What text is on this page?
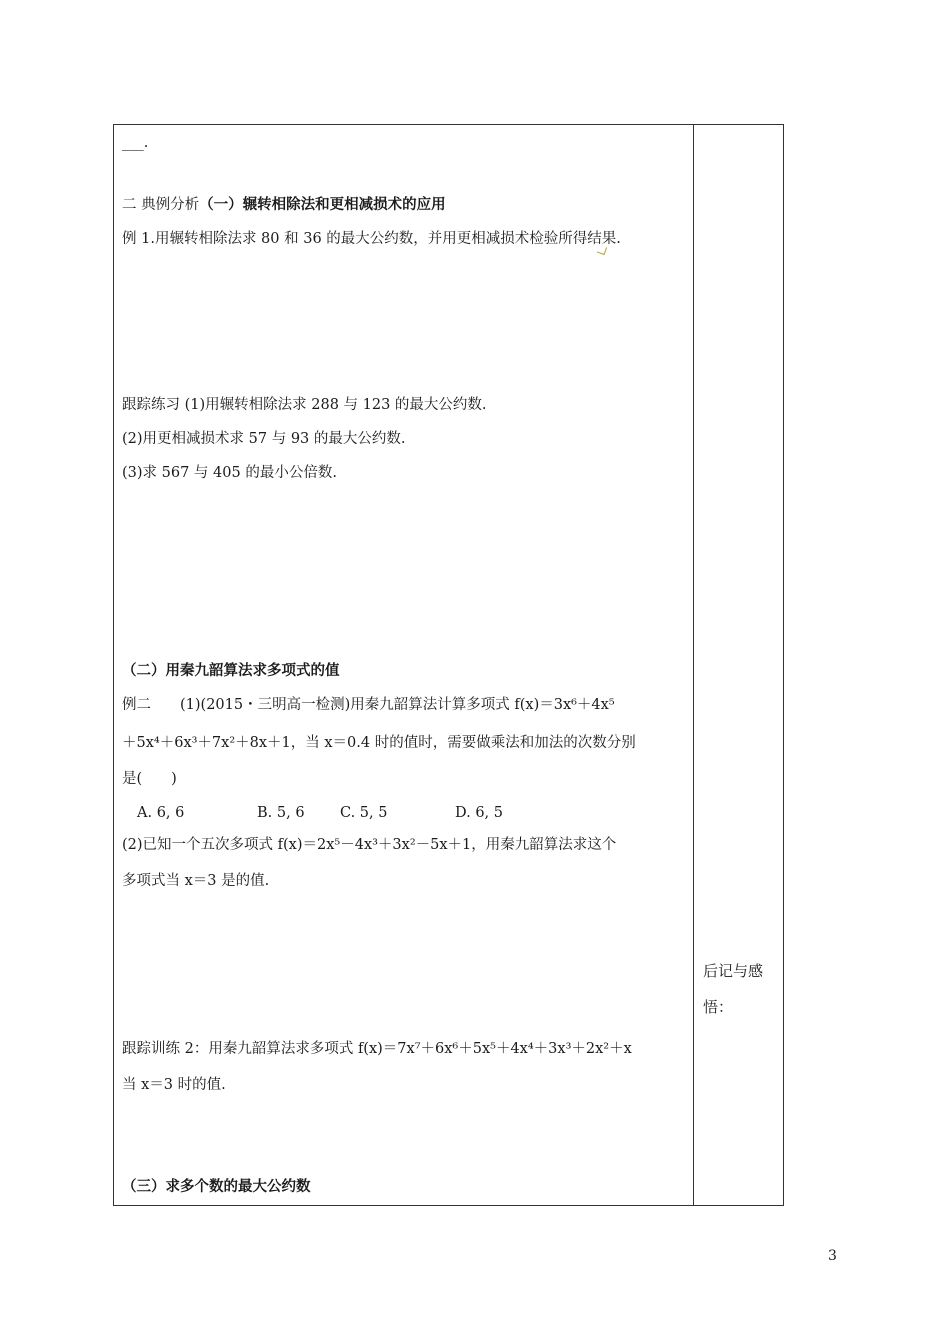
___.
二 典例分析（一）辗转相除法和更相减损术的应用
例 1.用辗转相除法求 80 和 36 的最大公约数，并用更相减损术检验所得结果.
跟踪练习 (1)用辗转相除法求 288 与 123 的最大公约数.
(2)用更相减损术求 57 与 93 的最大公约数.
(3)求 567 与 405 的最小公倍数.
（二）用秦九韶算法求多项式的值
例二　　(1)(2015・三明高一检测)用秦九韶算法计算多项式 f(x)＝3x⁶＋4x⁵
＋5x⁴＋6x³＋7x²＋8x＋1，当 x＝0.4 时的值时，需要做乘法和加法的次数分别
是(　　)
A. 6, 6	B. 5, 6 C. 5, 5	D. 6, 5
(2)已知一个五次多项式 f(x)＝2x⁵－4x³＋3x²－5x＋1，用秦九韶算法求这个
多项式当 x＝3 是的值.
跟踪训练 2：用秦九韶算法求多项式 f(x)＝7x⁷＋6x⁶＋5x⁵＋4x⁴＋3x³＋2x²＋x
当 x＝3 时的值.
（三）求多个数的最大公约数
后记与感
悟：
3
